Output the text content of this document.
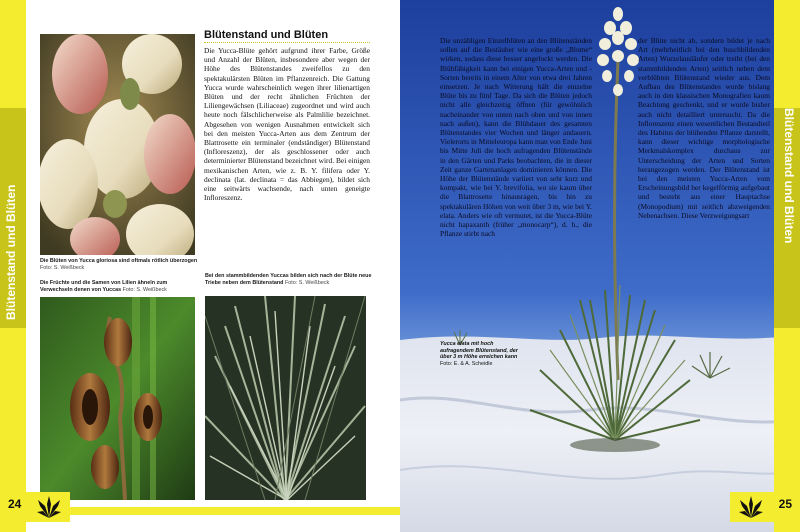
Blütenstand und Blüten	Die Blüten von Yucca gloriosa sind oftmals rötlich überzogen Foto: S. Weißbeck
Die Früchte und die Samen von Lilien ähneln zum Verwechseln denen von Yuccas Foto: S. Weißbeck
Bei den stammbildenden Yuccas bilden sich nach der Blüte neue Triebe neben dem Blütenstand Foto: S. Weißbeck
Blütenstand und Blüten
Die Yucca-Blüte gehört aufgrund ihrer Farbe, Größe und Anzahl der Blüten, insbesondere aber wegen der Höhe des Blütenstandes zweifellos zu den spektakulärsten Blüten im Pflanzenreich. Die Gattung Yucca wurde wahrscheinlich wegen ihrer lilienartigen Blüten und der recht ähnlichen Früchten der Liliengewächsen (Liliaceae) zugeordnet und wird auch heute noch fälschlicherweise als Palmlilie bezeichnet. Abgesehen von wenigen Ausnahmen entwickelt sich bei den meisten Yucca-Arten aus dem Zentrum der Blattrosette ein terminaler (endständiger) Blütenstand (Infloreszenz), der als geschlossener oder auch determinierter Blütenstand bezeichnet wird. Bei einigen mexikanischen Arten, wie z. B. Y. filifera oder Y. declinata (lat. declinata = das Abbiegen), bildet sich eine seitwärts wachsende, nach unten geneigte Infloreszenz.
24
Die unzähligen Einzelblüten an den Blütenständen sollen auf die Bestäuber wie eine große „Blume“ wirken, sodass diese besser angelockt werden. Die Blühfähigkeit kann bei einigen Yucca-Arten und -Sorten bereits in einem Alter von etwa drei Jahren einsetzen. Je nach Witterung hält die einzelne Blüte bis zu fünf Tage. Da sich die Blüten jedoch nicht alle gleichzeitig öffnen (für gewöhnlich nacheinander von unten nach oben und von innen nach außen), kann die Blühdauer des gesamten Blütenstandes vier Wochen und länger andauern. Vielerorts in Mitteleuropa kann man von Ende Juni bis Mitte Juli die hoch aufragenden Blütenstände in den Gärten und Parks beobachten, die in dieser Zeit ganze Gartenanlagen dominieren können. Die Höhe der Blütenstände variiert von sehr kurz und kompakt, wie bei Y. brevifolia, wo sie kaum über die Blattrosette hinausragen, bis hin zu spektakulären Höhen von weit über 3 m, wie bei Y. elata. Anders wie oft vermutet, ist die Yucca-Blüte nicht hapaxanth (früher „monocarp“), d. h., die Pflanze stirbt nach
der Blüte nicht ab, sondern bildet je nach Art (mehrheitlich bei den buschbildenden Arten) Wurzelausläufer oder treibt (bei den stammbildenden Arten) seitlich neben dem verblühten Blütenstand wieder aus. Dem Aufbau des Blütenstandes wurde bislang auch in den klassischen Monografien kaum Beachtung geschenkt, und er wurde bisher auch nicht detailliert untersucht. Da die Infloreszenz einen wesentlichen Bestandteil des Habitus der blühenden Pflanze darstellt, kann dieser wichtige morphologische Merkmalskomplex durchaus zur Unterscheidung der Arten und Sorten herangezogen werden. Der Blütenstand ist bei den meisten Yucca-Arten vom Erscheinungsbild her kegelförmig aufgebaut und besteht aus einer Hauptachse (Monopodium) mit seitlich abzweigenden Nebenachsen. Diese Verzweigungsart
Yucca elata mit hoch aufragendem Blütenstand, der über 3 m Höhe erreichen kann
Foto: E. & A. Scheidle
Blütenstand und Blüten
25
